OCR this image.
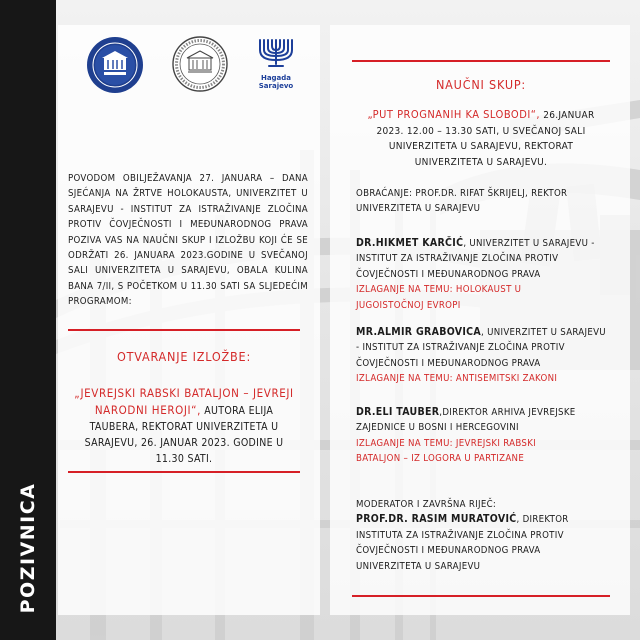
POZIVNICA
Hagada
Sarajevo

POVODOM OBILJEŽAVANJA 27. JANUARA – DANA SJEĆANJA NA ŽRTVE HOLOKAUSTA, UNIVERZITET U SARAJEVU - INSTITUT ZA ISTRAŽIVANJE ZLOČINA PROTIV ČOVJEČNOSTI I MEĐUNARODNOG PRAVA POZIVA VAS NA NAUČNI SKUP I IZLOŽBU KOJI ĆE SE ODRŽATI 26. JANUARA 2023.GODINE U SVEČANOJ SALI UNIVERZITETA U SARAJEVU, OBALA KULINA BANA 7/II, S POČETKOM U 11.30 SATI SA SLJEDEĆIM PROGRAMOM:

OTVARANJE IZLOŽBE:

„JEVREJSKI RABSKI BATALJON – JEVREJI NARODNI HEROJI“, AUTORA ELIJA TAUBERA, REKTORAT UNIVERZITETA U SARAJEVU, 26. JANUAR 2023. GODINE U 11.30 SATI.

NAUČNI SKUP:

„PUT PROGNANIH KA SLOBODI“, 26.JANUAR 2023. 12.00 – 13.30 SATI, U SVEČANOJ SALI UNIVERZITETA U SARAJEVU, REKTORAT UNIVERZITETA U SARAJEVU.

OBRAĆANJE: PROF.DR. RIFAT ŠKRIJELJ, REKTOR UNIVERZITETA U SARAJEVU

DR.HIKMET KARČIĆ, UNIVERZITET U SARAJEVU - INSTITUT ZA ISTRAŽIVANJE ZLOČINA PROTIV ČOVJEČNOSTI I MEĐUNARODNOG PRAVA

IZLAGANJE NA TEMU: HOLOKAUST U JUGOISTOČNOJ EVROPI

MR.ALMIR GRABOVICA, UNIVERZITET U SARAJEVU - INSTITUT ZA ISTRAŽIVANJE ZLOČINA PROTIV ČOVJEČNOSTI I MEĐUNARODNOG PRAVA

IZLAGANJE NA TEMU: ANTISEMITSKI ZAKONI

DR.ELI TAUBER,DIREKTOR ARHIVA JEVREJSKE ZAJEDNICE U BOSNI I HERCEGOVINI

IZLAGANJE NA TEMU: JEVREJSKI RABSKI BATALJON – IZ LOGORA U PARTIZANE

MODERATOR I ZAVRŠNA RIJEČ:

PROF.DR. RASIM MURATOVIĆ, DIREKTOR INSTITUTA ZA ISTRAŽIVANJE ZLOČINA PROTIV ČOVJEČNOSTI I MEĐUNARODNOG PRAVA UNIVERZITETA U SARAJEVU
